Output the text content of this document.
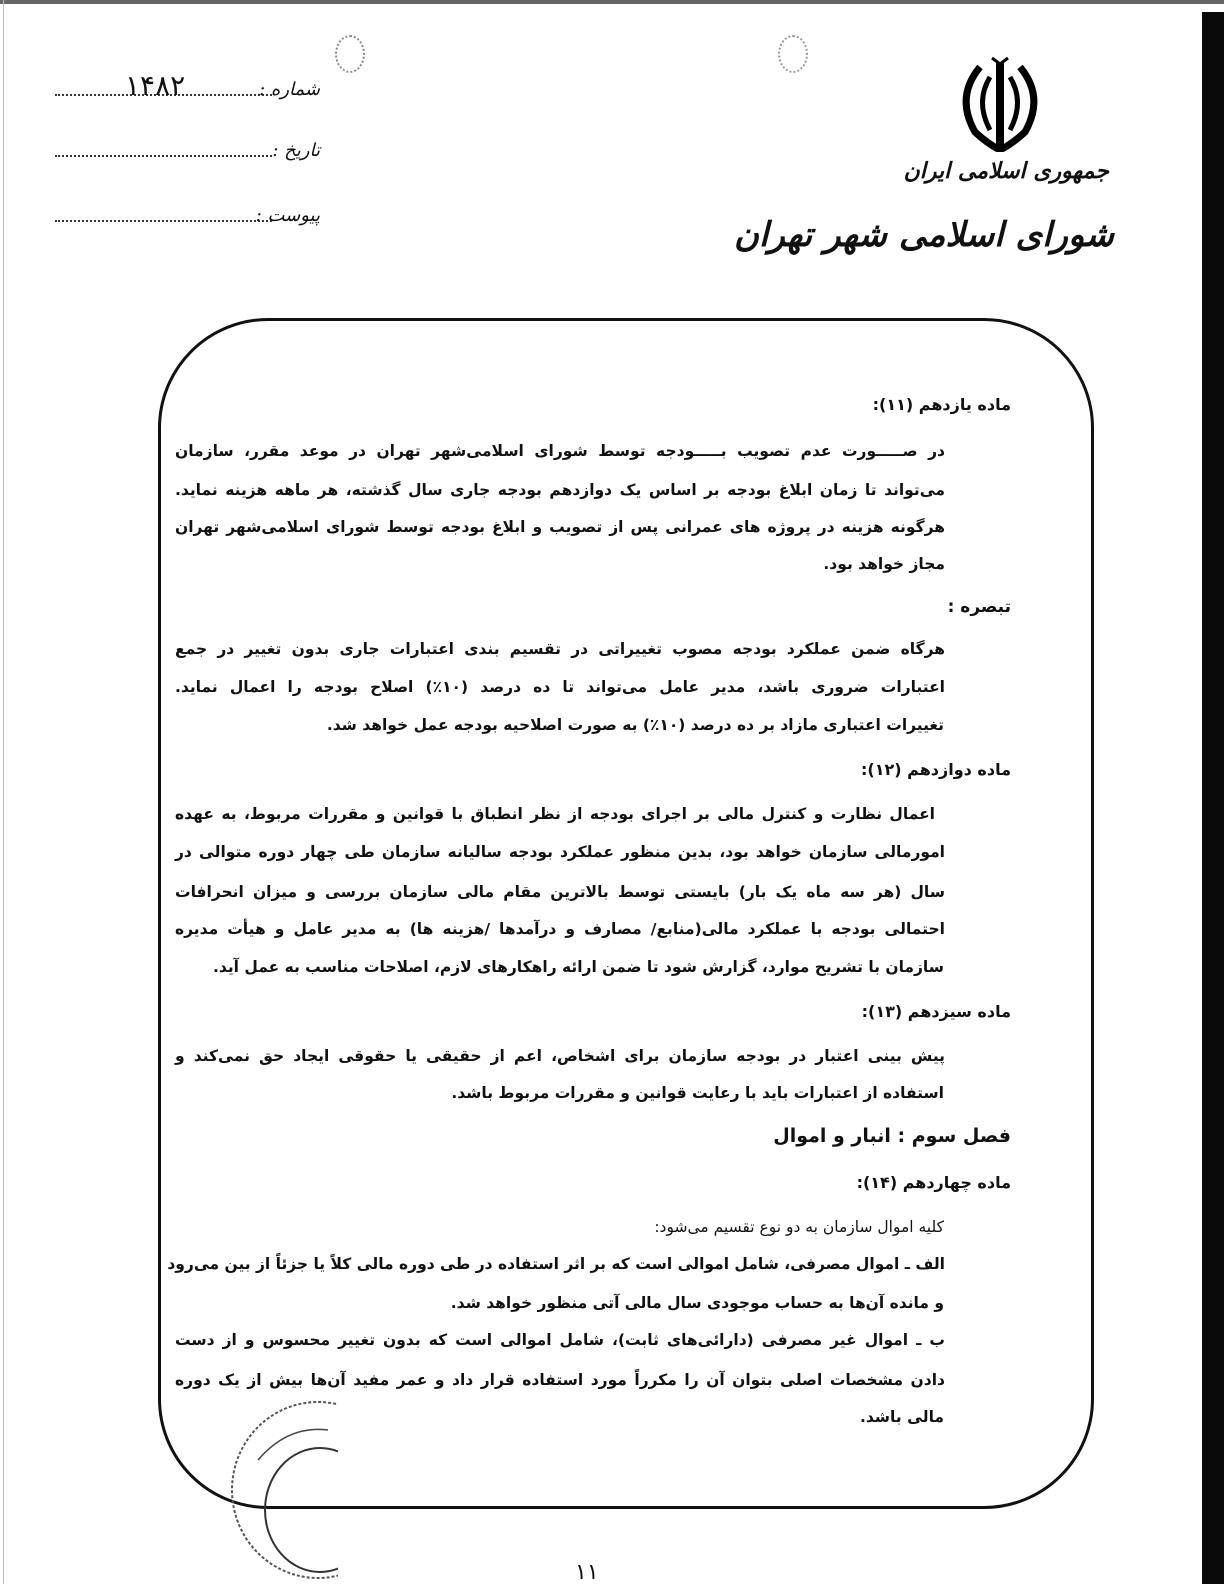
شماره :
۱۴۸۲
تاریخ :
پیوست :
جمهوری اسلامی ایران
شورای اسلامی شهر تهران
ماده یازدهم (۱۱):
در صـــــورت عدم تصویب بـــــودجه توسط شورای اسلامی‌شهر تهران در موعد مقرر، سازمان
می‌تواند تا زمان ابلاغ بودجه بر اساس یک دوازدهم بودجه جاری سال گذشته، هر ماهه هزینه نماید.
هرگونه هزینه در پروژه های عمرانی پس از تصویب و ابلاغ بودجه توسط شورای اسلامی‌شهر تهران
مجاز خواهد بود.
تبصره :
هرگاه ضمن عملکرد بودجه مصوب تغییراتی در تقسیم بندی اعتبارات جاری بدون تغییر در جمع
اعتبارات ضروری باشد، مدیر عامل می‌تواند تا ده درصد (۱۰٪) اصلاح بودجه را اعمال نماید.
تغییرات اعتباری مازاد بر ده درصد (۱۰٪) به صورت اصلاحیه بودجه عمل خواهد شد.
ماده دوازدهم (۱۲):
اعمال نظارت و کنترل مالی بر اجرای بودجه از نظر انطباق با قوانین و مقررات مربوط، به عهده
امورمالی سازمان خواهد بود، بدین منظور عملکرد بودجه سالیانه سازمان طی چهار دوره متوالی در
سال (هر سه ماه یک بار) بایستی توسط بالاترین مقام مالی سازمان بررسی و میزان انحرافات
احتمالی بودجه با عملکرد مالی(منابع/ مصارف و درآمدها /هزینه ها) به مدیر عامل و هیأت مدیره
سازمان با تشریح موارد، گزارش شود تا ضمن ارائه راهکارهای لازم، اصلاحات مناسب به عمل آید.
ماده سیزدهم (۱۳):
پیش بینی اعتبار در بودجه سازمان برای اشخاص، اعم از حقیقی یا حقوقی ایجاد حق نمی‌کند و
استفاده از اعتبارات باید با رعایت قوانین و مقررات مربوط باشد.
فصل سوم : انبار و اموال
ماده چهاردهم (۱۴):
کلیه اموال سازمان به دو نوع تقسیم می‌شود:
الف ـ اموال مصرفی، شامل اموالی است که بر اثر استفاده در طی دوره مالی کلاً یا جزئاً از بین می‌رود
و مانده آن‌ها به حساب موجودی سال مالی آتی منظور خواهد شد.
ب ـ اموال غیر مصرفی (دارائی‌های ثابت)، شامل اموالی است که بدون تغییر محسوس و از دست
دادن مشخصات اصلی بتوان آن را مکرراً مورد استفاده قرار داد و عمر مفید آن‌ها بیش از یک دوره
مالی باشد.
۱۱
